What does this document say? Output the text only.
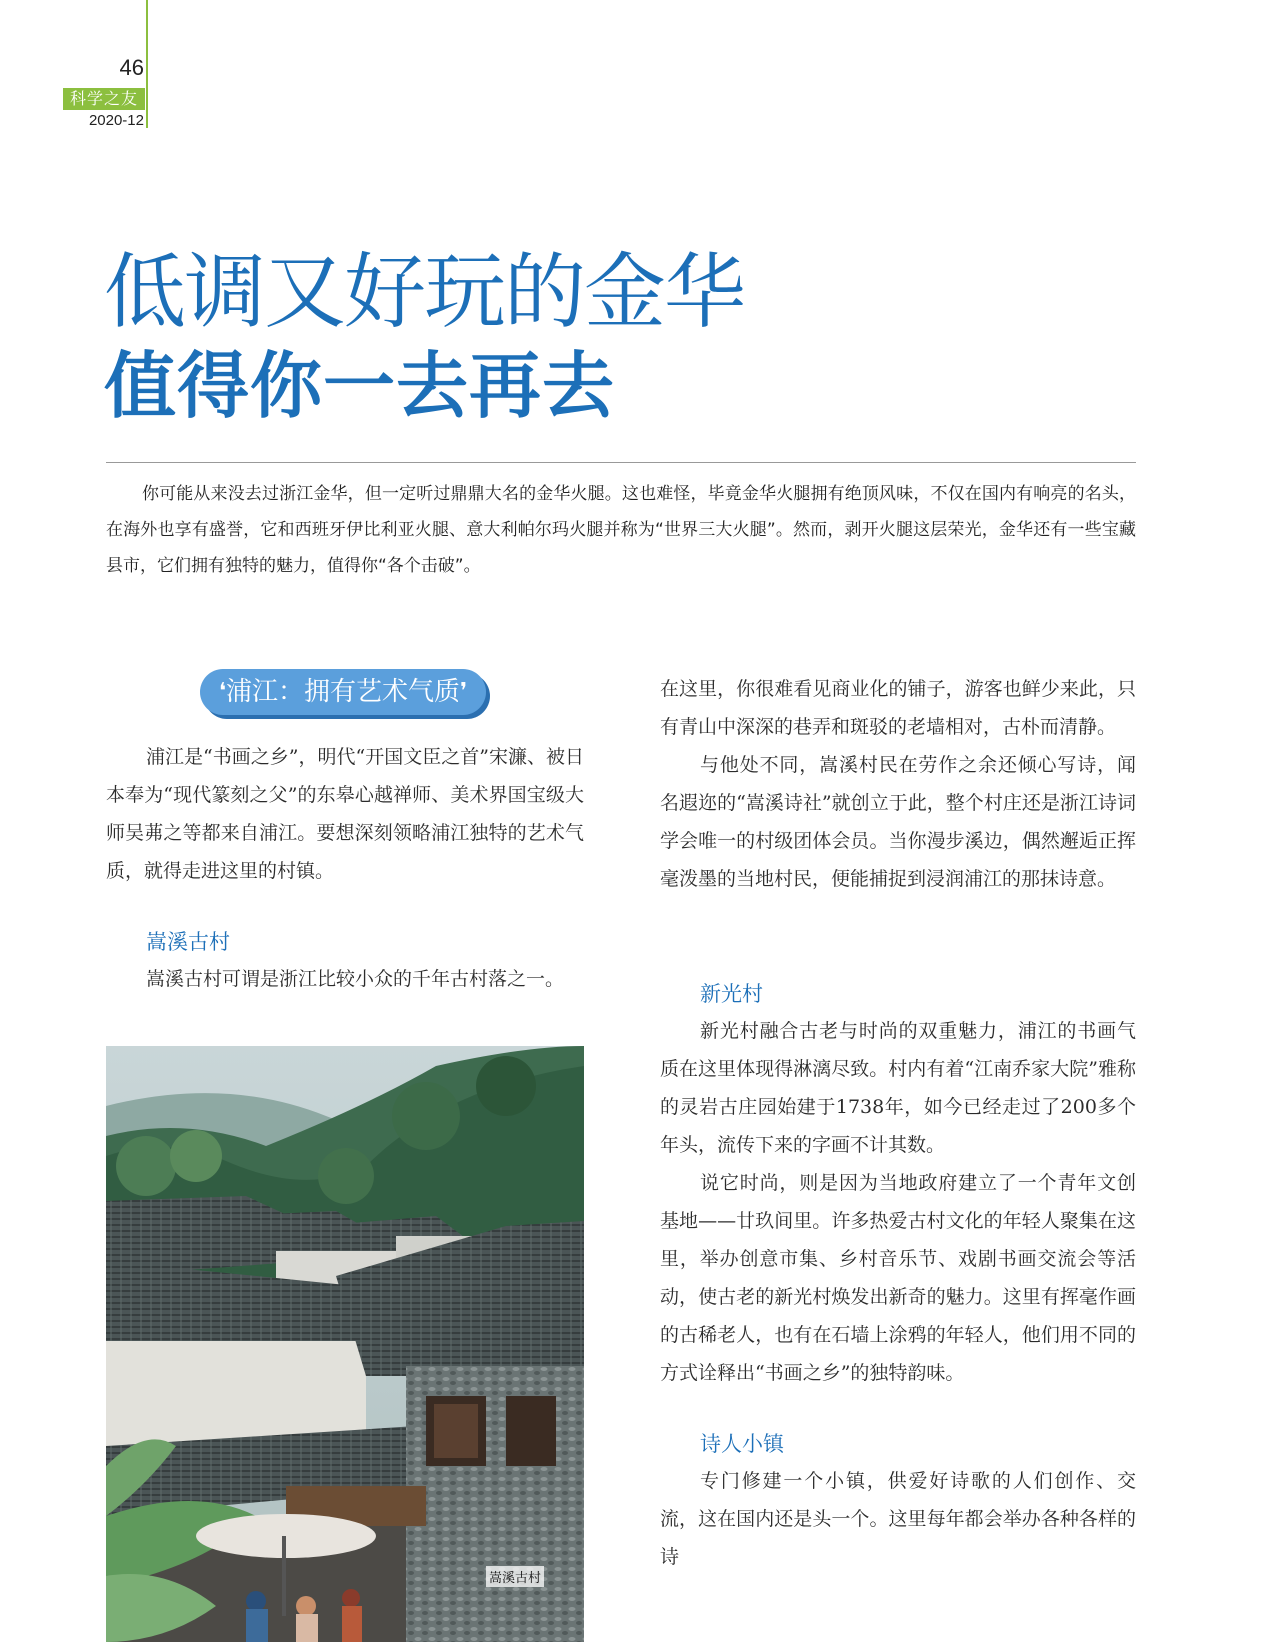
46
科学之友
2020-12
低调又好玩的金华
值得你一去再去

你可能从来没去过浙江金华，但一定听过鼎鼎大名的金华火腿。这也难怪，毕竟金华火腿拥有绝顶风味，不仅在国内有响亮的名头，在海外也享有盛誉，它和西班牙伊比利亚火腿、意大利帕尔玛火腿并称为“世界三大火腿”。然而，剥开火腿这层荣光，金华还有一些宝藏县市，它们拥有独特的魅力，值得你“各个击破”。

❛浦江：拥有艺术气质❜

浦江是“书画之乡”，明代“开国文臣之首”宋濂、被日本奉为“现代篆刻之父”的东皋心越禅师、美术界国宝级大师吴茀之等都来自浦江。要想深刻领略浦江独特的艺术气质，就得走进这里的村镇。

嵩溪古村

嵩溪古村可谓是浙江比较小众的千年古村落之一。

嵩溪古村

在这里，你很难看见商业化的铺子，游客也鲜少来此，只有青山中深深的巷弄和斑驳的老墙相对，古朴而清静。

与他处不同，嵩溪村民在劳作之余还倾心写诗，闻名遐迩的“嵩溪诗社”就创立于此，整个村庄还是浙江诗词学会唯一的村级团体会员。当你漫步溪边，偶然邂逅正挥毫泼墨的当地村民，便能捕捉到浸润浦江的那抹诗意。

新光村

新光村融合古老与时尚的双重魅力，浦江的书画气质在这里体现得淋漓尽致。村内有着“江南乔家大院”雅称的灵岩古庄园始建于1738年，如今已经走过了200多个年头，流传下来的字画不计其数。

说它时尚，则是因为当地政府建立了一个青年文创基地——廿玖间里。许多热爱古村文化的年轻人聚集在这里，举办创意市集、乡村音乐节、戏剧书画交流会等活动，使古老的新光村焕发出新奇的魅力。这里有挥毫作画的古稀老人，也有在石墙上涂鸦的年轻人，他们用不同的方式诠释出“书画之乡”的独特韵味。

诗人小镇

专门修建一个小镇，供爱好诗歌的人们创作、交流，这在国内还是头一个。这里每年都会举办各种各样的诗
